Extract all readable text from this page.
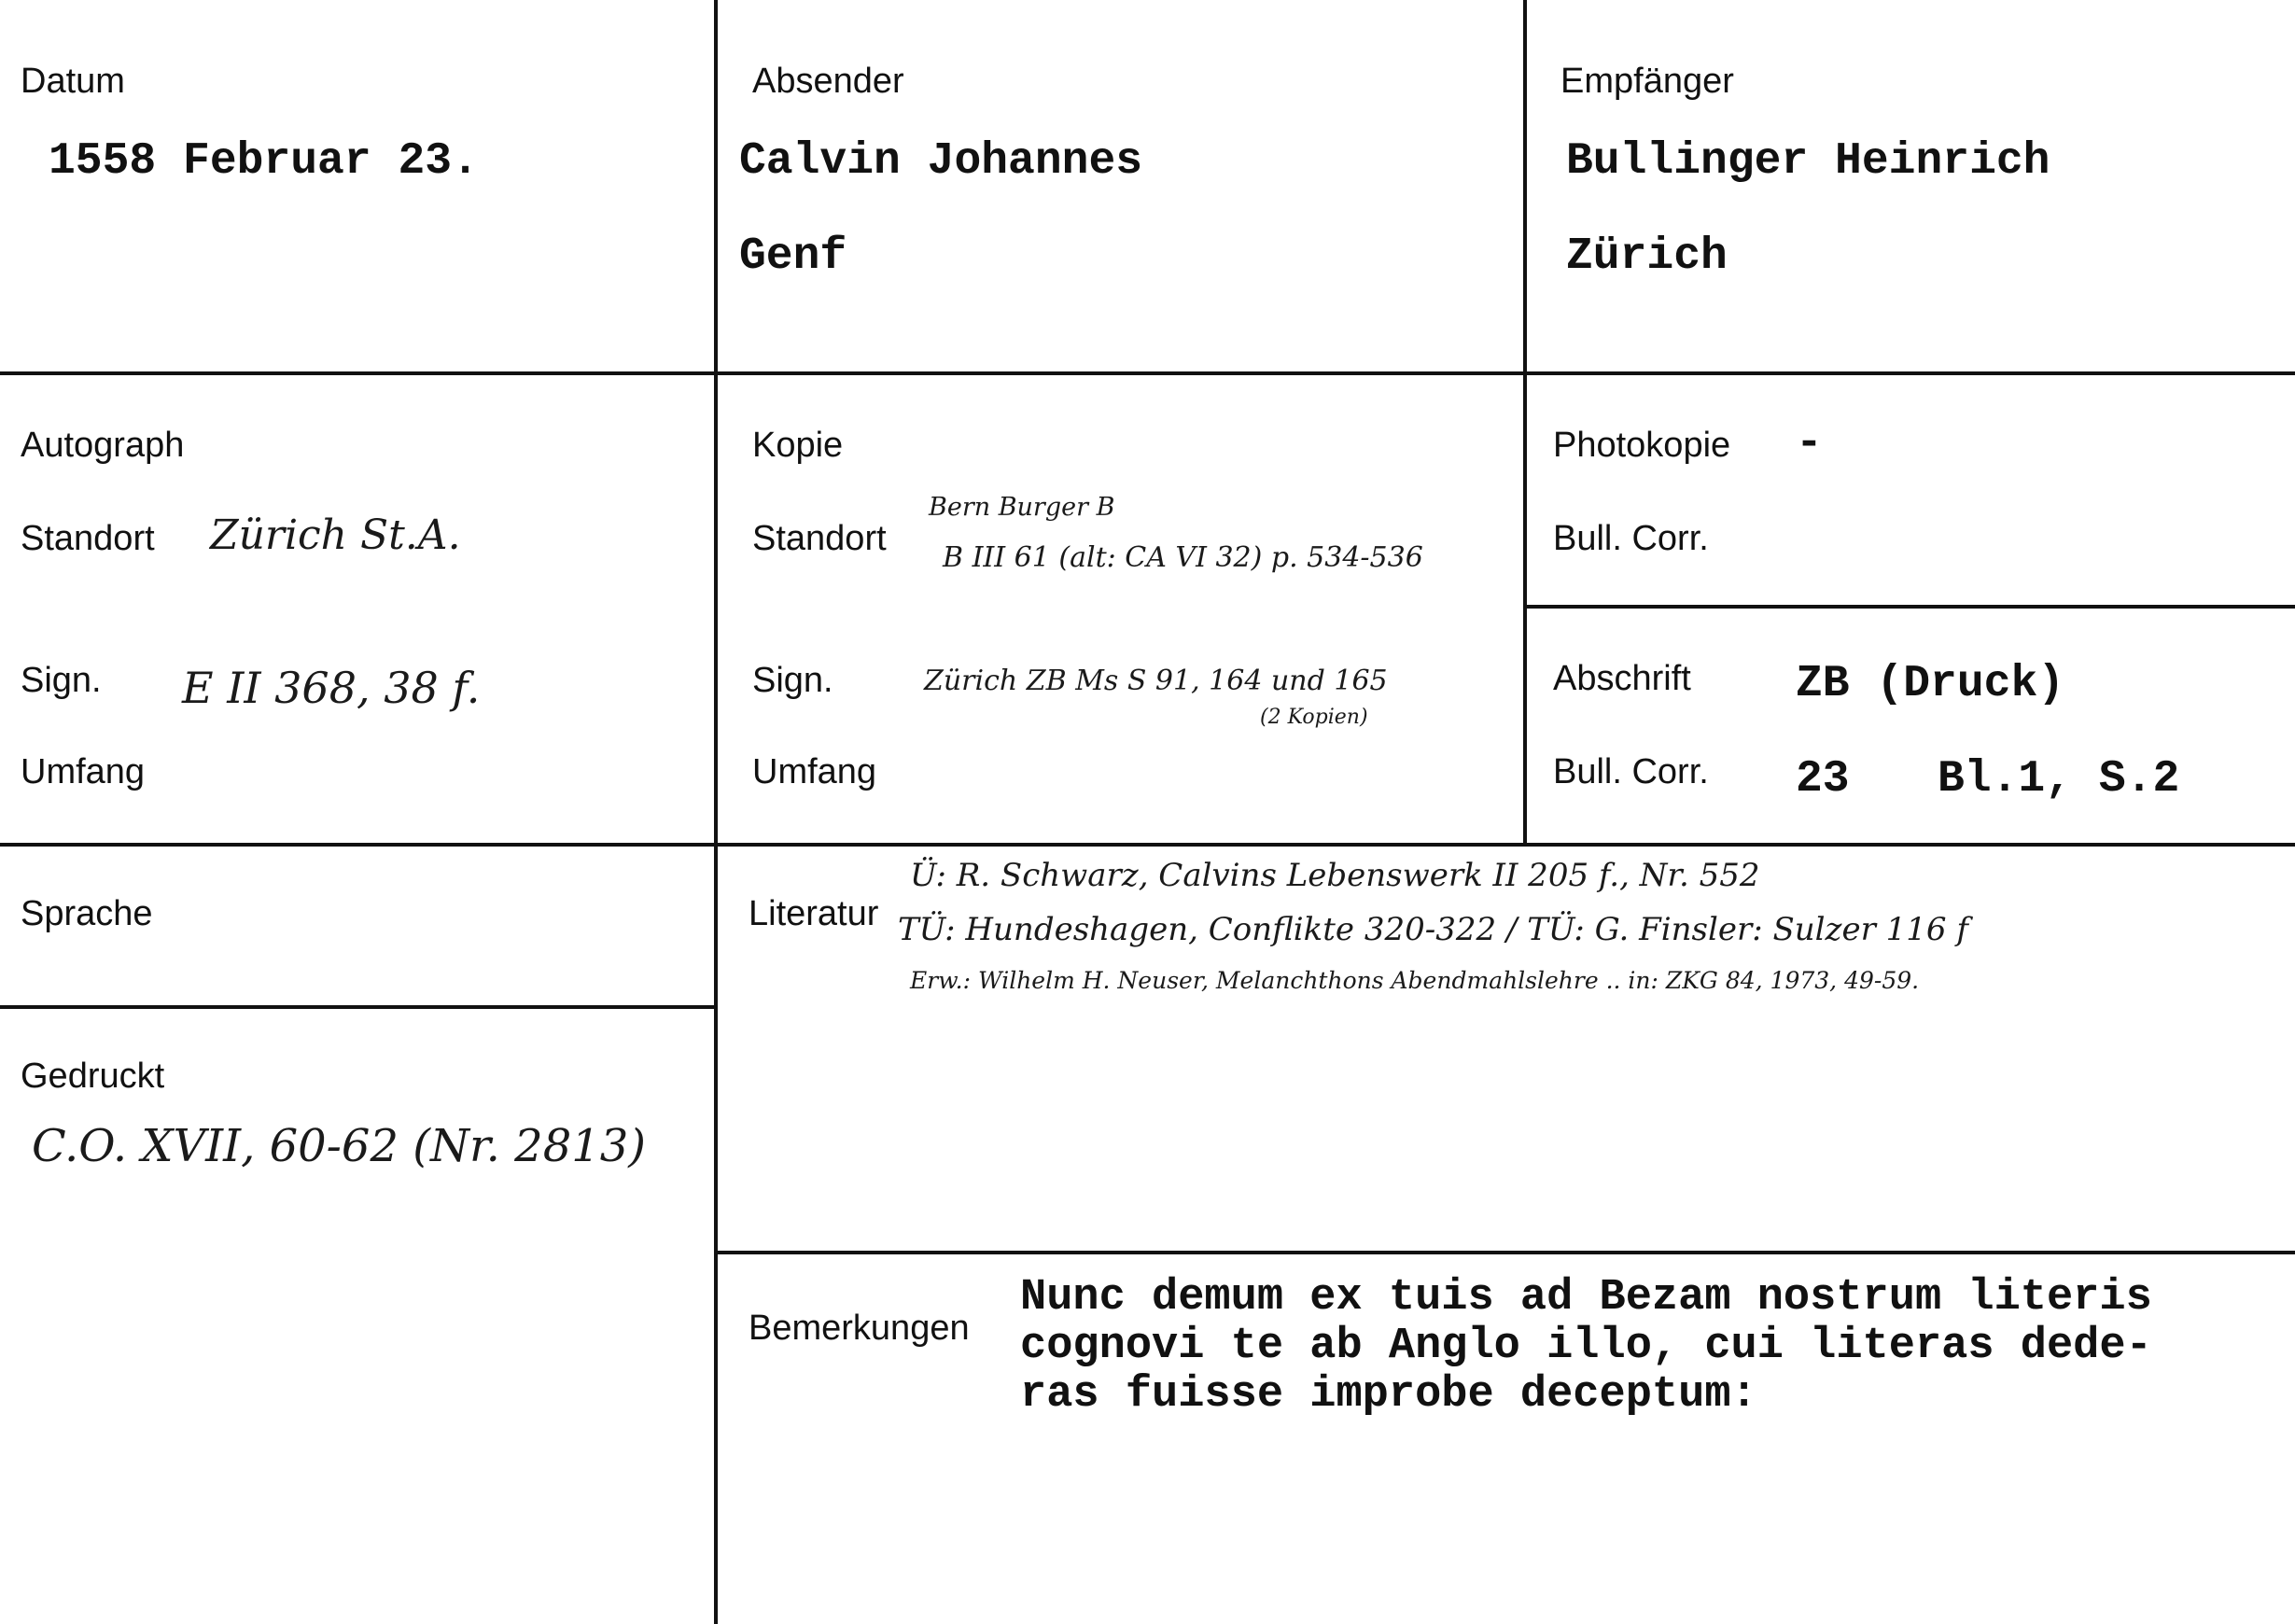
Datum
1558 Februar 23.
Absender
Calvin Johannes
Genf
Empfänger
Bullinger Heinrich
Zürich
Autograph
Standort Zürich St.A.
Sign. E II 368, 38 f.
Umfang
Kopie
Standort
Bern Burger B
B III 61 (alt: CA VI 32) p. 534-536
Sign.	Zürich ZB Ms S 91, 164 und 165
(2 Kopien)
Umfang
Photokopie -
Bull. Corr.
Abschrift ZB (Druck)
Bull. Corr. 23 Bl.1, S.2
Sprache
Gedruckt
C.O. XVII, 60-62 (Nr. 2813)
Literatur
Ü: R. Schwarz, Calvins Lebenswerk II 205 f., Nr. 552
TÜ: Hundeshagen, Conflikte 320-322 / TÜ: G. Finsler: Sulzer 116 f
Erw.: Wilhelm H. Neuser, Melanchthons Abendmahlslehre .. in: ZKG 84, 1973, 49-59.
Bemerkungen
Nunc demum ex tuis ad Bezam nostrum literis
cognovi te ab Anglo illo, cui literas dede-
ras fuisse improbe deceptum:
